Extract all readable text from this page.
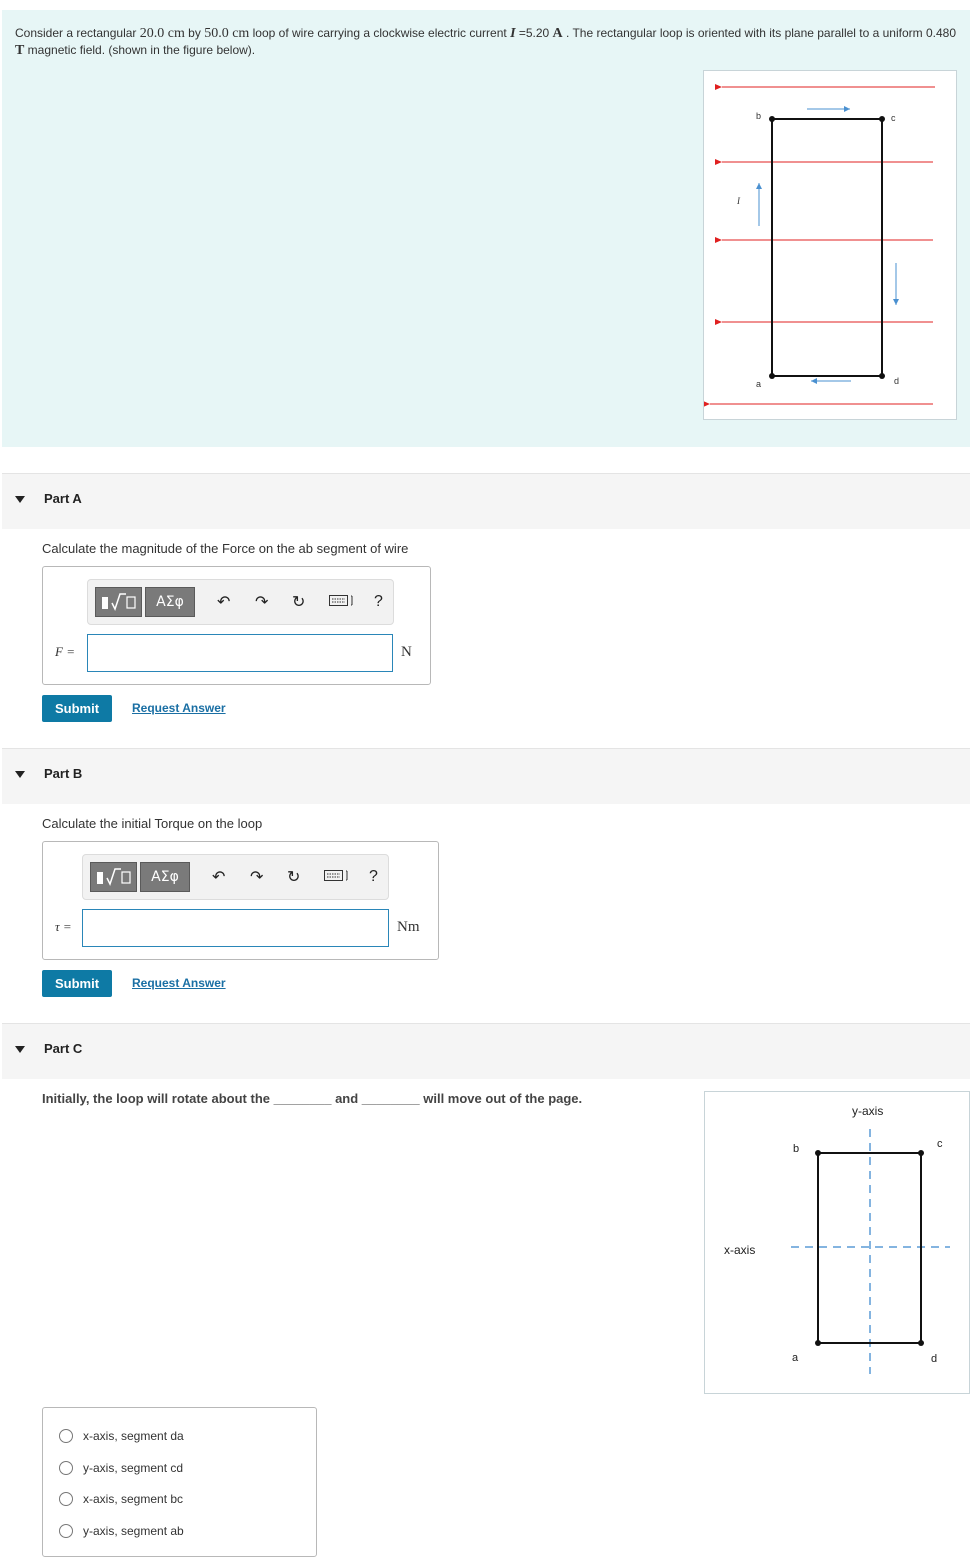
Consider a rectangular 20.0 cm by 50.0 cm loop of wire carrying a clockwise electric current I =5.20 A . The rectangular loop is oriented with its plane parallel to a uniform 0.480 T magnetic field. (shown in the figure below).
b	c
a	d
I
Part A
Calculate the magnitude of the Force on the ab segment of wire
ΑΣφ	↶ ↷ ↻	?
F =	N
Submit	Request Answer
Part B
Calculate the initial Torque on the loop
ΑΣφ	↶ ↷ ↻	?
τ =	Nm
Submit	Request Answer
Part C
Initially, the loop will rotate about the ________ and ________ will move out of the page.
y-axis
x-axis
b	c
a	d
x-axis, segment da
y-axis, segment cd
x-axis, segment bc
y-axis, segment ab
